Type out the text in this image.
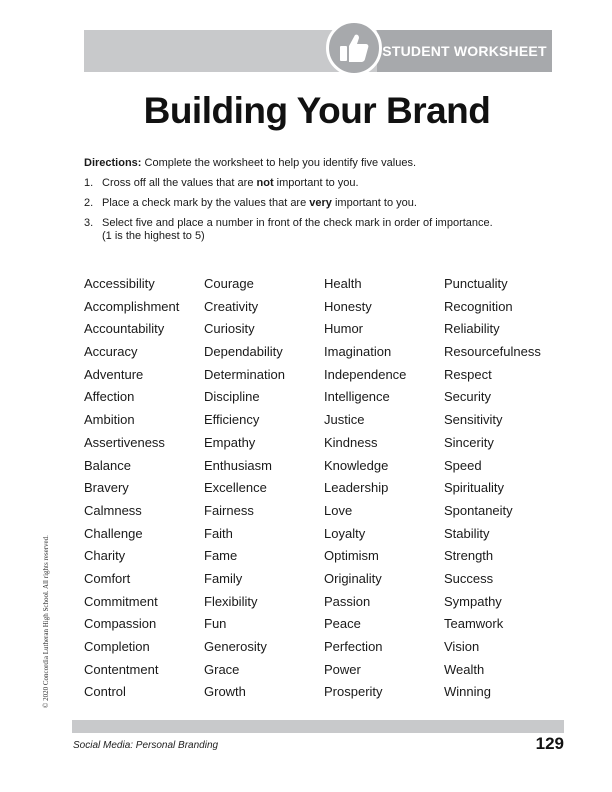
STUDENT WORKSHEET
Building Your Brand

Directions: Complete the worksheet to help you identify five values.

1. Cross off all the values that are not important to you.
2. Place a check mark by the values that are very important to you.
3. Select five and place a number in front of the check mark in order of importance.
(1 is the highest to 5)
Accessibility
Accomplishment
Accountability
Accuracy
Adventure
Affection
Ambition
Assertiveness
Balance
Bravery
Calmness
Challenge
Charity
Comfort
Commitment
Compassion
Completion
Contentment
Control
Courage
Creativity
Curiosity
Dependability
Determination
Discipline
Efficiency
Empathy
Enthusiasm
Excellence
Fairness
Faith
Fame
Family
Flexibility
Fun
Generosity
Grace
Growth
Health
Honesty
Humor
Imagination
Independence
Intelligence
Justice
Kindness
Knowledge
Leadership
Love
Loyalty
Optimism
Originality
Passion
Peace
Perfection
Power
Prosperity
Punctuality
Recognition
Reliability
Resourcefulness
Respect
Security
Sensitivity
Sincerity
Speed
Spirituality
Spontaneity
Stability
Strength
Success
Sympathy
Teamwork
Vision
Wealth
Winning
© 2020 Concordia Lutheran High School. All rights reserved.
Social Media: Personal Branding	129
